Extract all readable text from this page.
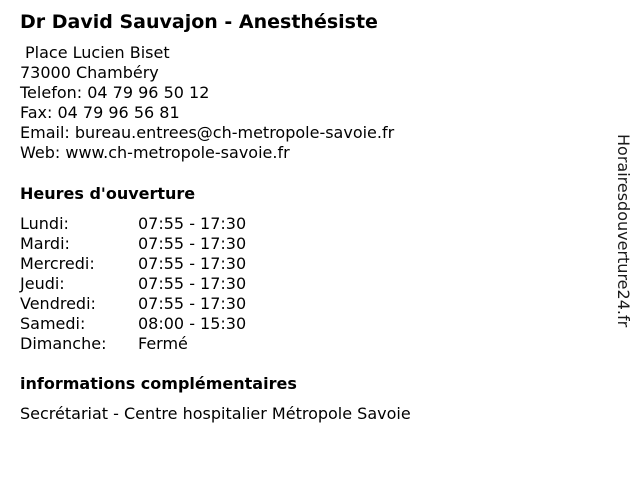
Dr David Sauvajon - Anesthésiste
Place Lucien Biset
73000 Chambéry
Telefon: 04 79 96 50 12
Fax: 04 79 96 56 81
Email: bureau.entrees@ch-metropole-savoie.fr
Web: www.ch-metropole-savoie.fr
Heures d'ouverture
Lundi:	07:55 - 17:30
Mardi:	07:55 - 17:30
Mercredi:	07:55 - 17:30
Jeudi:	07:55 - 17:30
Vendredi:	07:55 - 17:30
Samedi:	08:00 - 15:30
Dimanche: Fermé
informations complémentaires
Secrétariat - Centre hospitalier Métropole Savoie
Horairesdouverture24.fr
